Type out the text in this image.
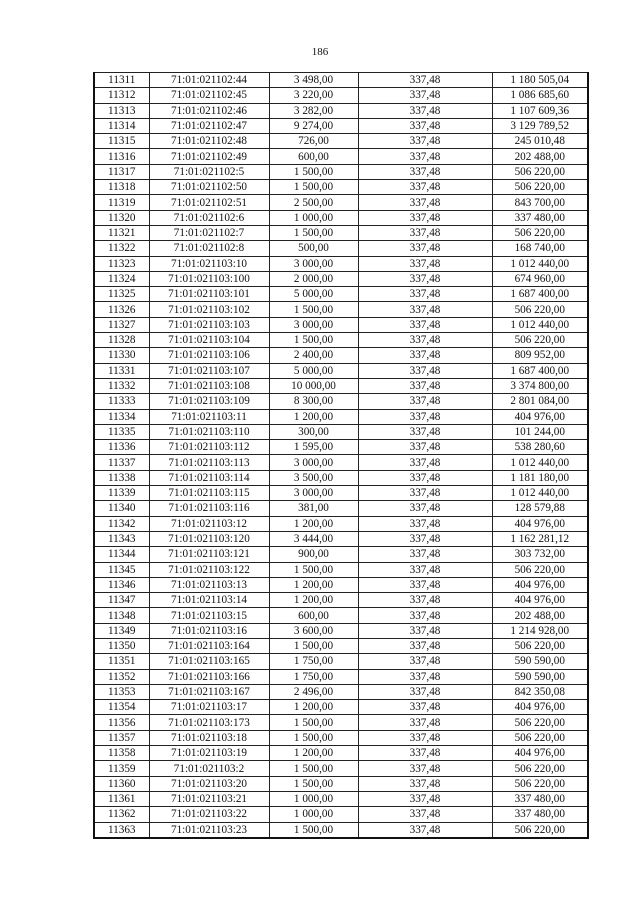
186
11311	71:01:021102:44	3 498,00	337,48	1 180 505,04
11312	71:01:021102:45	3 220,00	337,48	1 086 685,60
11313	71:01:021102:46	3 282,00	337,48	1 107 609,36
11314	71:01:021102:47	9 274,00	337,48	3 129 789,52
11315	71:01:021102:48	726,00	337,48	245 010,48
11316	71:01:021102:49	600,00	337,48	202 488,00
11317	71:01:021102:5	1 500,00	337,48	506 220,00
11318	71:01:021102:50	1 500,00	337,48	506 220,00
11319	71:01:021102:51	2 500,00	337,48	843 700,00
11320	71:01:021102:6	1 000,00	337,48	337 480,00
11321	71:01:021102:7	1 500,00	337,48	506 220,00
11322	71:01:021102:8	500,00	337,48	168 740,00
11323	71:01:021103:10	3 000,00	337,48	1 012 440,00
11324	71:01:021103:100	2 000,00	337,48	674 960,00
11325	71:01:021103:101	5 000,00	337,48	1 687 400,00
11326	71:01:021103:102	1 500,00	337,48	506 220,00
11327	71:01:021103:103	3 000,00	337,48	1 012 440,00
11328	71:01:021103:104	1 500,00	337,48	506 220,00
11330	71:01:021103:106	2 400,00	337,48	809 952,00
11331	71:01:021103:107	5 000,00	337,48	1 687 400,00
11332	71:01:021103:108	10 000,00	337,48	3 374 800,00
11333	71:01:021103:109	8 300,00	337,48	2 801 084,00
11334	71:01:021103:11	1 200,00	337,48	404 976,00
11335	71:01:021103:110	300,00	337,48	101 244,00
11336	71:01:021103:112	1 595,00	337,48	538 280,60
11337	71:01:021103:113	3 000,00	337,48	1 012 440,00
11338	71:01:021103:114	3 500,00	337,48	1 181 180,00
11339	71:01:021103:115	3 000,00	337,48	1 012 440,00
11340	71:01:021103:116	381,00	337,48	128 579,88
11342	71:01:021103:12	1 200,00	337,48	404 976,00
11343	71:01:021103:120	3 444,00	337,48	1 162 281,12
11344	71:01:021103:121	900,00	337,48	303 732,00
11345	71:01:021103:122	1 500,00	337,48	506 220,00
11346	71:01:021103:13	1 200,00	337,48	404 976,00
11347	71:01:021103:14	1 200,00	337,48	404 976,00
11348	71:01:021103:15	600,00	337,48	202 488,00
11349	71:01:021103:16	3 600,00	337,48	1 214 928,00
11350	71:01:021103:164	1 500,00	337,48	506 220,00
11351	71:01:021103:165	1 750,00	337,48	590 590,00
11352	71:01:021103:166	1 750,00	337,48	590 590,00
11353	71:01:021103:167	2 496,00	337,48	842 350,08
11354	71:01:021103:17	1 200,00	337,48	404 976,00
11356	71:01:021103:173	1 500,00	337,48	506 220,00
11357	71:01:021103:18	1 500,00	337,48	506 220,00
11358	71:01:021103:19	1 200,00	337,48	404 976,00
11359	71:01:021103:2	1 500,00	337,48	506 220,00
11360	71:01:021103:20	1 500,00	337,48	506 220,00
11361	71:01:021103:21	1 000,00	337,48	337 480,00
11362	71:01:021103:22	1 000,00	337,48	337 480,00
11363	71:01:021103:23	1 500,00	337,48	506 220,00
